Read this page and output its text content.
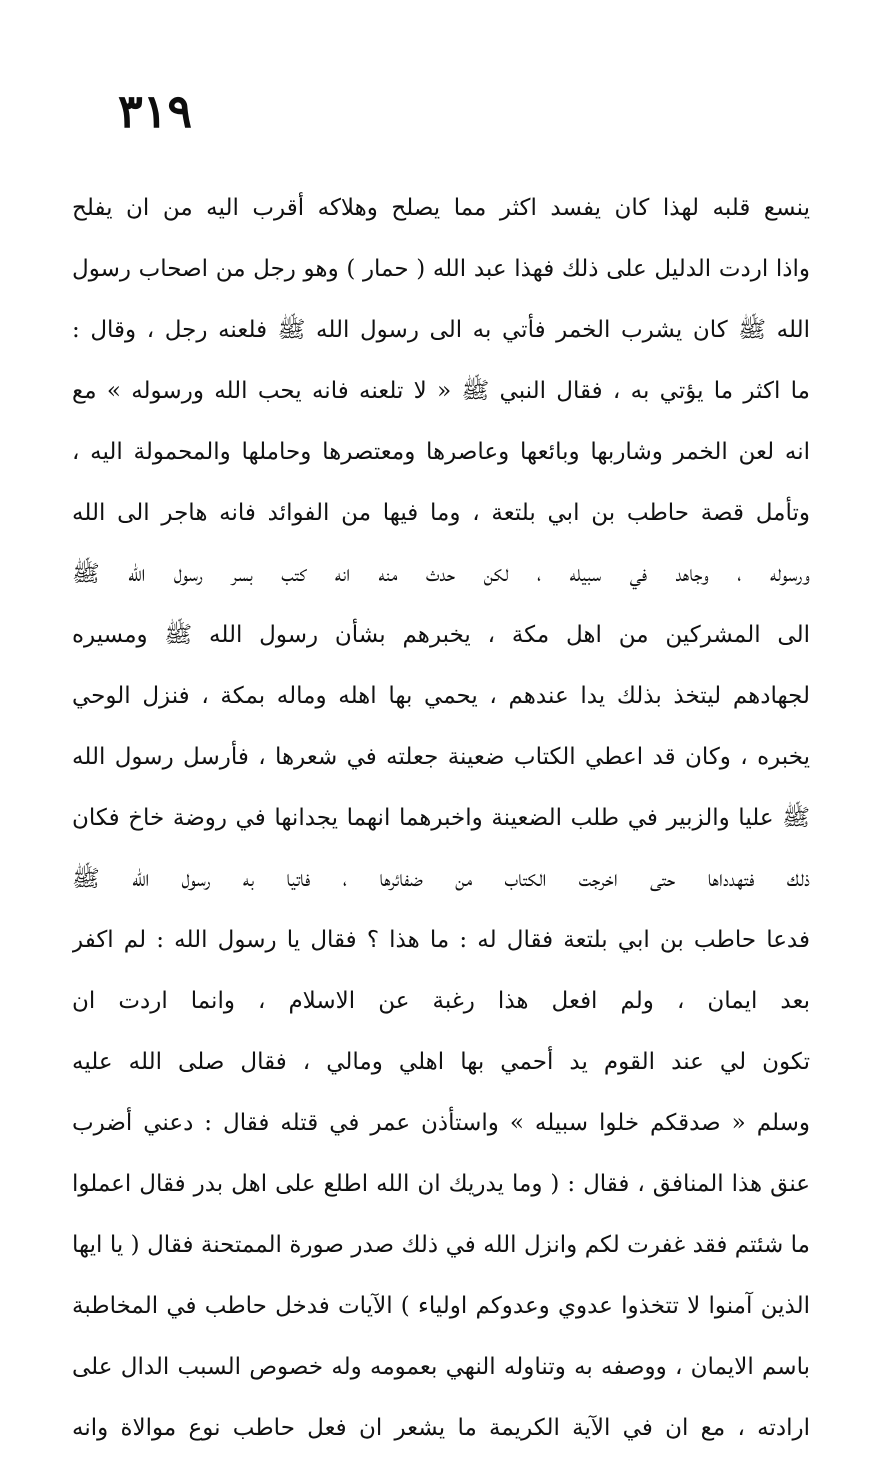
٣١٩
ينسع قلبه لهذا كان يفسد اكثر مما يصلح وهلاكه أقرب اليه من ان يفلح
واذا اردت الدليل على ذلك فهذا عبد الله ( حمار ) وهو رجل من اصحاب رسول
الله ﷺ كان يشرب الخمر فأتي به الى رسول الله ﷺ فلعنه رجل ، وقال :
ما اكثر ما يؤتي به ، فقال النبي ﷺ « لا تلعنه فانه يحب الله ورسوله » مع
انه لعن الخمر وشاربها وبائعها وعاصرها ومعتصرها وحاملها والمحمولة اليه ،
وتأمل قصة حاطب بن ابي بلتعة ، وما فيها من الفوائد فانه هاجر الى الله
ورسوله ، وجاهد في سبيله ، لكن حدث منه انه كتب بسر رسول الله ﷺ
الى المشركين من اهل مكة ، يخبرهم بشأن رسول الله ﷺ ومسيره
لجهادهم ليتخذ بذلك يدا عندهم ، يحمي بها اهله وماله بمكة ، فنزل الوحي
يخبره ، وكان قد اعطي الكتاب ضعينة جعلته في شعرها ، فأرسل رسول الله
ﷺ عليا والزبير في طلب الضعينة واخبرهما انهما يجدانها في روضة خاخ فكان
ذلك فتهدداها حتى اخرجت الكتاب من ضفائرها ، فاتيا به رسول الله ﷺ
فدعا حاطب بن ابي بلتعة فقال له : ما هذا ؟ فقال يا رسول الله : لم اكفر
بعد ايمان ، ولم افعل هذا رغبة عن الاسلام ، وانما اردت ان
تكون لي عند القوم يد أحمي بها اهلي ومالي ، فقال صلى الله عليه
وسلم « صدقكم خلوا سبيله » واستأذن عمر في قتله فقال : دعني أضرب
عنق هذا المنافق ، فقال : ( وما يدريك ان الله اطلع على اهل بدر فقال اعملوا
ما شئتم فقد غفرت لكم وانزل الله في ذلك صدر صورة الممتحنة فقال ( يا ايها
الذين آمنوا لا تتخذوا عدوي وعدوكم اولياء ) الآيات فدخل حاطب في المخاطبة
باسم الايمان ، ووصفه به وتناوله النهي بعمومه وله خصوص السبب الدال على
ارادته ، مع ان في الآية الكريمة ما يشعر ان فعل حاطب نوع موالاة وانه
